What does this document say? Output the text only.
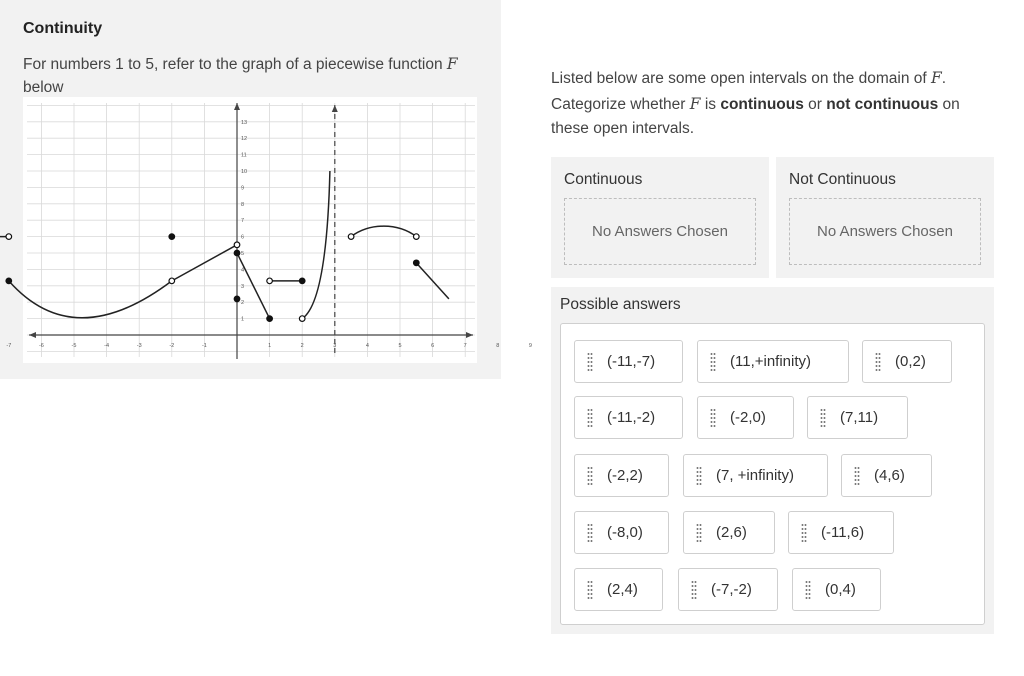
Continuity
For numbers 1 to 5, refer to the graph of a piecewise function F below
-7	-6	-5	-4	-3	-2	-1	1	2	3	4	5	6	7	8	9
1
2
3
4
5
6
7
8
9
10
11
12
13
Listed below are some open intervals on the domain of F. Categorize whether F is continuous or not continuous on these open intervals.
Continuous
No Answers Chosen
Not Continuous
No Answers Chosen
Possible answers
(-11,-7)	(11,+infinity)	(0,2)
(-11,-2)	(-2,0)	(7,11)
(-2,2)	(7, +infinity)	(4,6)
(-8,0)	(2,6)	(-11,6)
(2,4)	(-7,-2)	(0,4)
